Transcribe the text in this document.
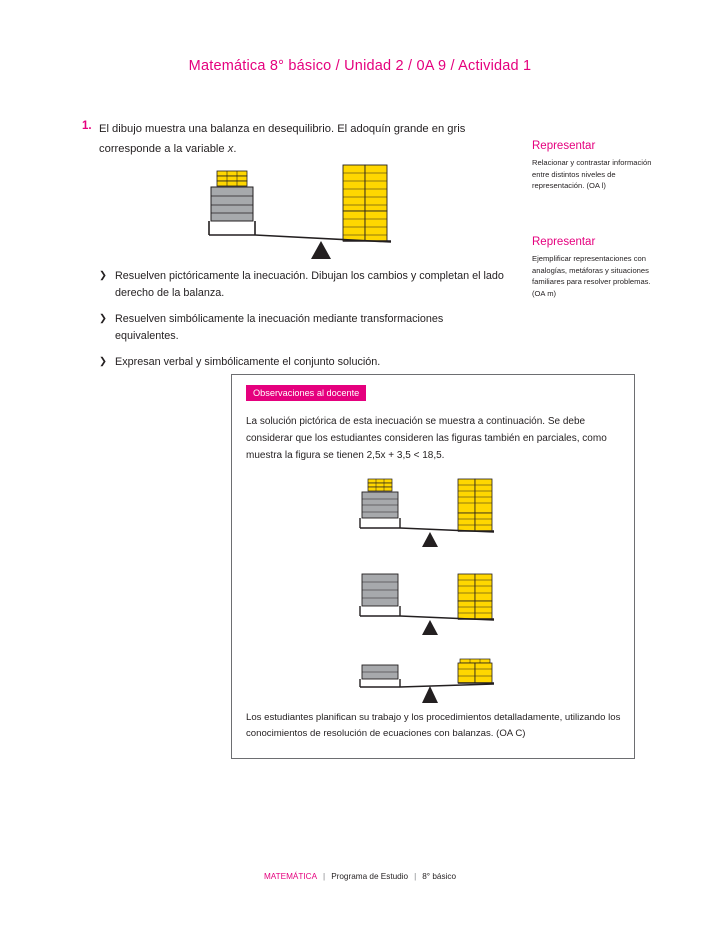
Matemática 8° básico / Unidad 2 / 0A 9 / Actividad 1
1. El dibujo muestra una balanza en desequilibrio. El adoquín grande en gris corresponde a la variable x.
❯ Resuelven pictóricamente la inecuación. Dibujan los cambios y completan el lado derecho de la balanza.
❯ Resuelven simbólicamente la inecuación mediante transformaciones equivalentes.
❯ Expresan verbal y simbólicamente el conjunto solución.
Representar
Relacionar y contrastar información entre distintos niveles de representación. (OA l)
Representar
Ejemplificar representaciones con analogías, metáforas y situaciones familiares para resolver problemas. (OA m)
Observaciones al docente
La solución pictórica de esta inecuación se muestra a continuación. Se debe considerar que los estudiantes consideren las figuras también en parciales, como muestra la figura se tienen 2,5x + 3,5 < 18,5.
Los estudiantes planifican su trabajo y los procedimientos detalladamente, utilizando los conocimientos de resolución de ecuaciones con balanzas. (OA C)
MATEMÁTICA | Programa de Estudio | 8° básico
